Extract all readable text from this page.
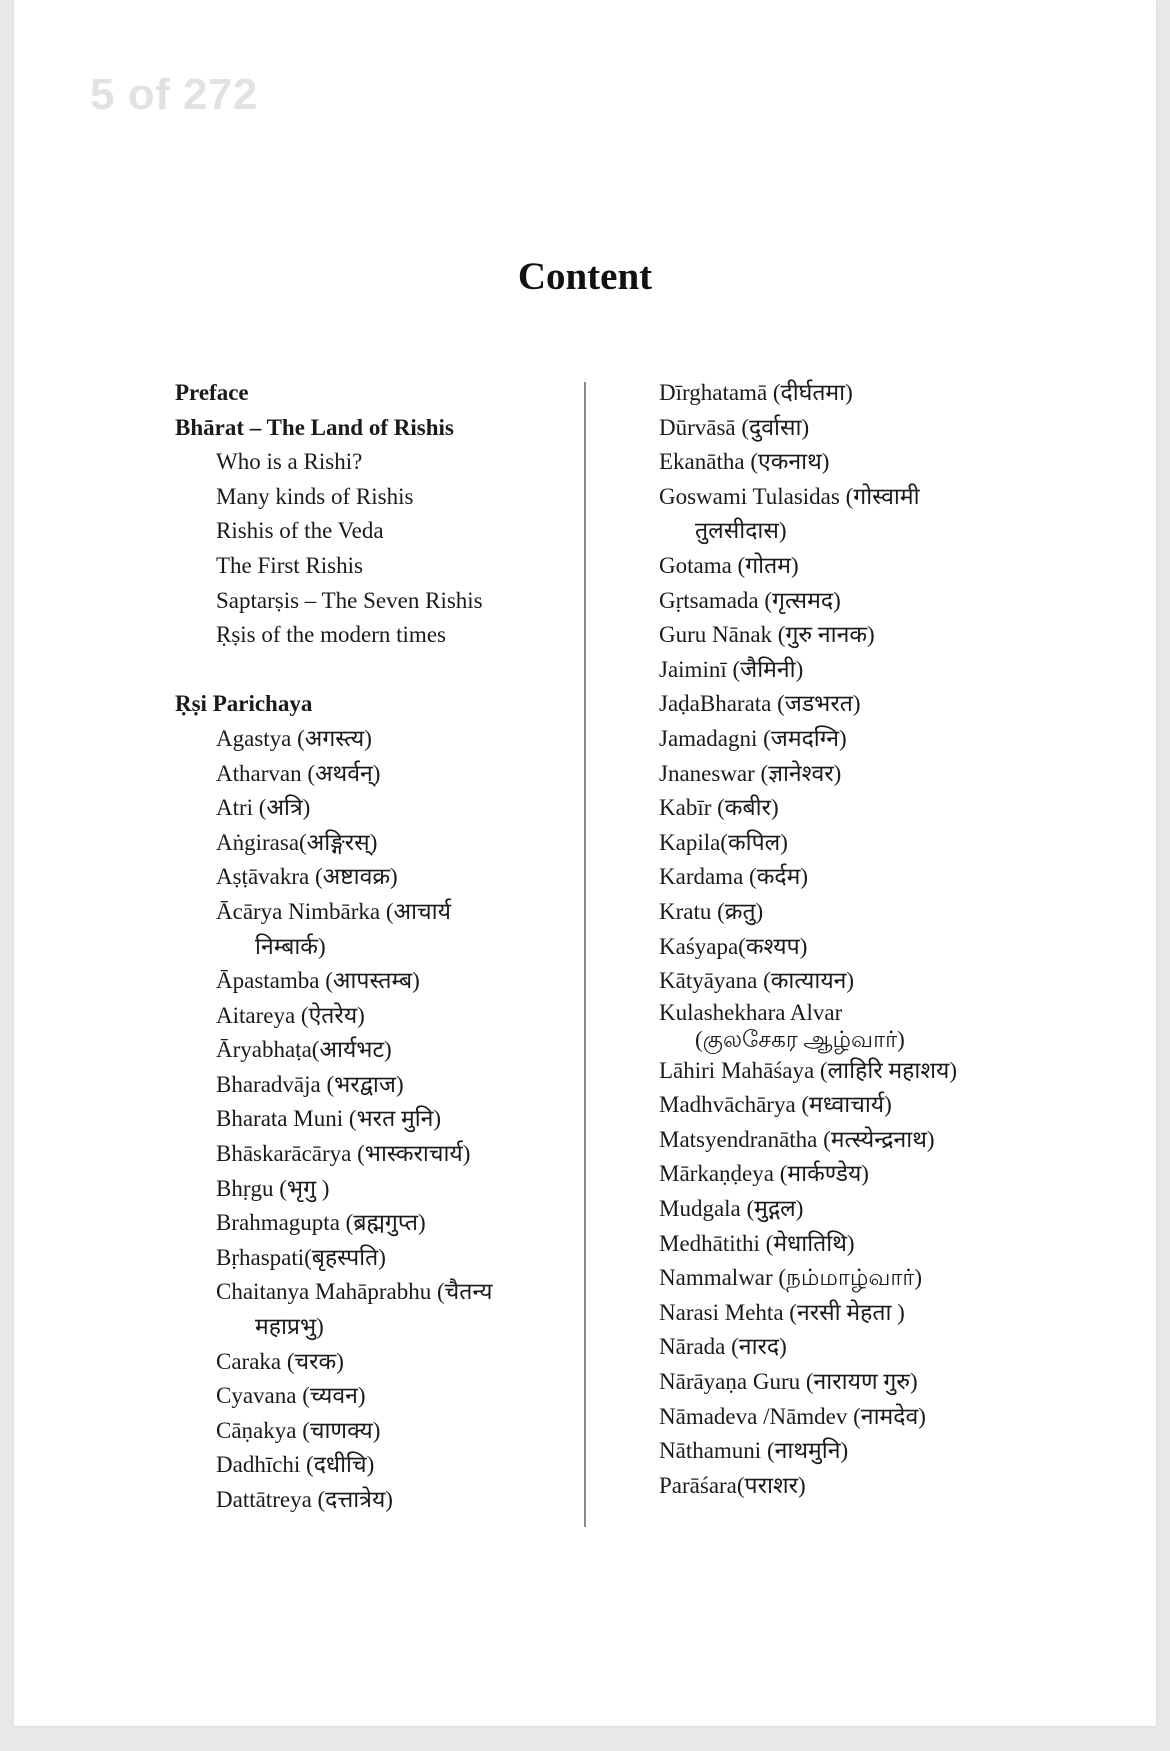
5 of 272
Content
Preface
Bhārat – The Land of Rishis
Who is a Rishi?
Many kinds of Rishis
Rishis of the Veda
The First Rishis
Saptarṣis – The Seven Rishis
Ṛṣis of the modern times
Ṛṣi Parichaya
Agastya (अगस्त्य)
Atharvan (अथर्वन्)
Atri (अत्रि)
Aṅgirasa(अङ्गिरस्)
Aṣṭāvakra (अष्टावक्र)
Ācārya Nimbārka (आचार्य
निम्बार्क)
Āpastamba (आपस्तम्ब)
Aitareya (ऐतरेय)
Āryabhaṭa(आर्यभट)
Bharadvāja (भरद्वाज)
Bharata Muni (भरत मुनि)
Bhāskarācārya (भास्कराचार्य)
Bhṛgu (भृगु )
Brahmagupta (ब्रह्मगुप्त)
Bṛhaspati(बृहस्पति)
Chaitanya Mahāprabhu (चैतन्य
महाप्रभु)
Caraka (चरक)
Cyavana (च्यवन)
Cāṇakya (चाणक्य)
Dadhīchi (दधीचि)
Dattātreya (दत्तात्रेय)
Dīrghatamā (दीर्घतमा)
Dūrvāsā (दुर्वासा)
Ekanātha (एकनाथ)
Goswami Tulasidas (गोस्वामी
तुलसीदास)
Gotama (गोतम)
Gṛtsamada (गृत्समद)
Guru Nānak (गुरु नानक)
Jaiminī (जैमिनी)
JaḍaBharata (जडभरत)
Jamadagni (जमदग्नि)
Jnaneswar (ज्ञानेश्वर)
Kabīr (कबीर)
Kapila(कपिल)
Kardama (कर्दम)
Kratu (क्रतु)
Kaśyapa(कश्यप)
Kātyāyana (कात्यायन)
Kulashekhara Alvar
(குலசேகர ஆழ்வார்)
Lāhiri Mahāśaya (लाहिरि महाशय)
Madhvāchārya (मध्वाचार्य)
Matsyendranātha (मत्स्येन्द्रनाथ)
Mārkaṇḍeya (मार्कण्डेय)
Mudgala (मुद्गल)
Medhātithi (मेधातिथि)
Nammalwar (நம்மாழ்வார்)
Narasi Mehta (नरसी मेहता )
Nārada (नारद)
Nārāyaṇa Guru (नारायण गुरु)
Nāmadeva /Nāmdev (नामदेव)
Nāthamuni (नाथमुनि)
Parāśara(पराशर)
